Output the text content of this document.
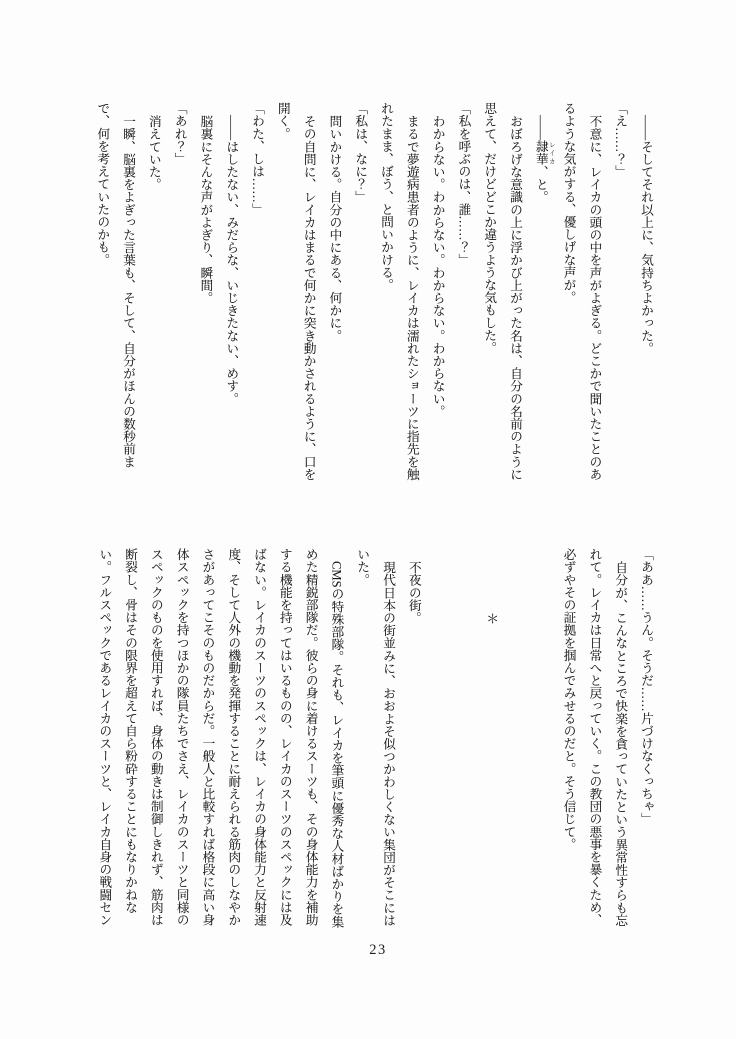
――そしてそれ以上に、気持ちよかった。

「え……？」

不意に、レイカの頭の中を声がよぎる。どこかで聞いたことのあ

るような気がする、優しげな声が。

――隷華 レイカ、と。

おぼろげな意識の上に浮かび上がった名は、自分の名前のように

思えて、だけどどこか違うような気もした。

「私を呼ぶのは、誰……？」

わからない。わからない。わからない。わからない。

まるで夢遊病患者のように、レイカは濡れたショーツに指先を触

れたまま、ぼう、と問いかける。

「私は、なに？」

問いかける。自分の中にある、何かに。

その自問に、レイカはまるで何かに突き動かされるように、口を

開く。

「わた、しは……」

――はしたない、みだらな、いじきたない、めす。

脳裏にそんな声がよぎり、瞬間。

「あれ？」

消えていた。

一瞬、脳裏をよぎった言葉も、そして、自分がほんの数秒前ま

で、何を考えていたのかも。

「ああ……うん。そうだ……片づけなくっちゃ」

自分が、こんなところで快楽を貪っていたという異常性すらも忘

れて。レイカは日常へと戻っていく。この教団の悪事を暴くため、

必ずやその証拠を掴んでみせるのだと。そう信じて。

＊

不夜の街。

現代日本の街並みに、おおよそ似つかわしくない集団がそこには

いた。

CMSの特殊部隊。それも、レイカを筆頭に優秀な人材ばかりを集

めた精鋭部隊だ。彼らの身に着けるスーツも、その身体能力を補助

する機能を持ってはいるものの、レイカのスーツのスペックには及

ばない。レイカのスーツのスペックは、レイカの身体能力と反射速

度、そして人外の機動を発揮することに耐えられる筋肉のしなやか

さがあってこそのものだからだ。一般人と比較すれば格段に高い身

体スペックを持つほかの隊員たちでさえ、レイカのスーツと同様の

スペックのものを使用すれば、身体の動きは制御しきれず、筋肉は

断裂し、骨はその限界を超えて自ら粉砕することにもなりかねな

い。フルスペックであるレイカのスーツと、レイカ自身の戦闘セン

23
